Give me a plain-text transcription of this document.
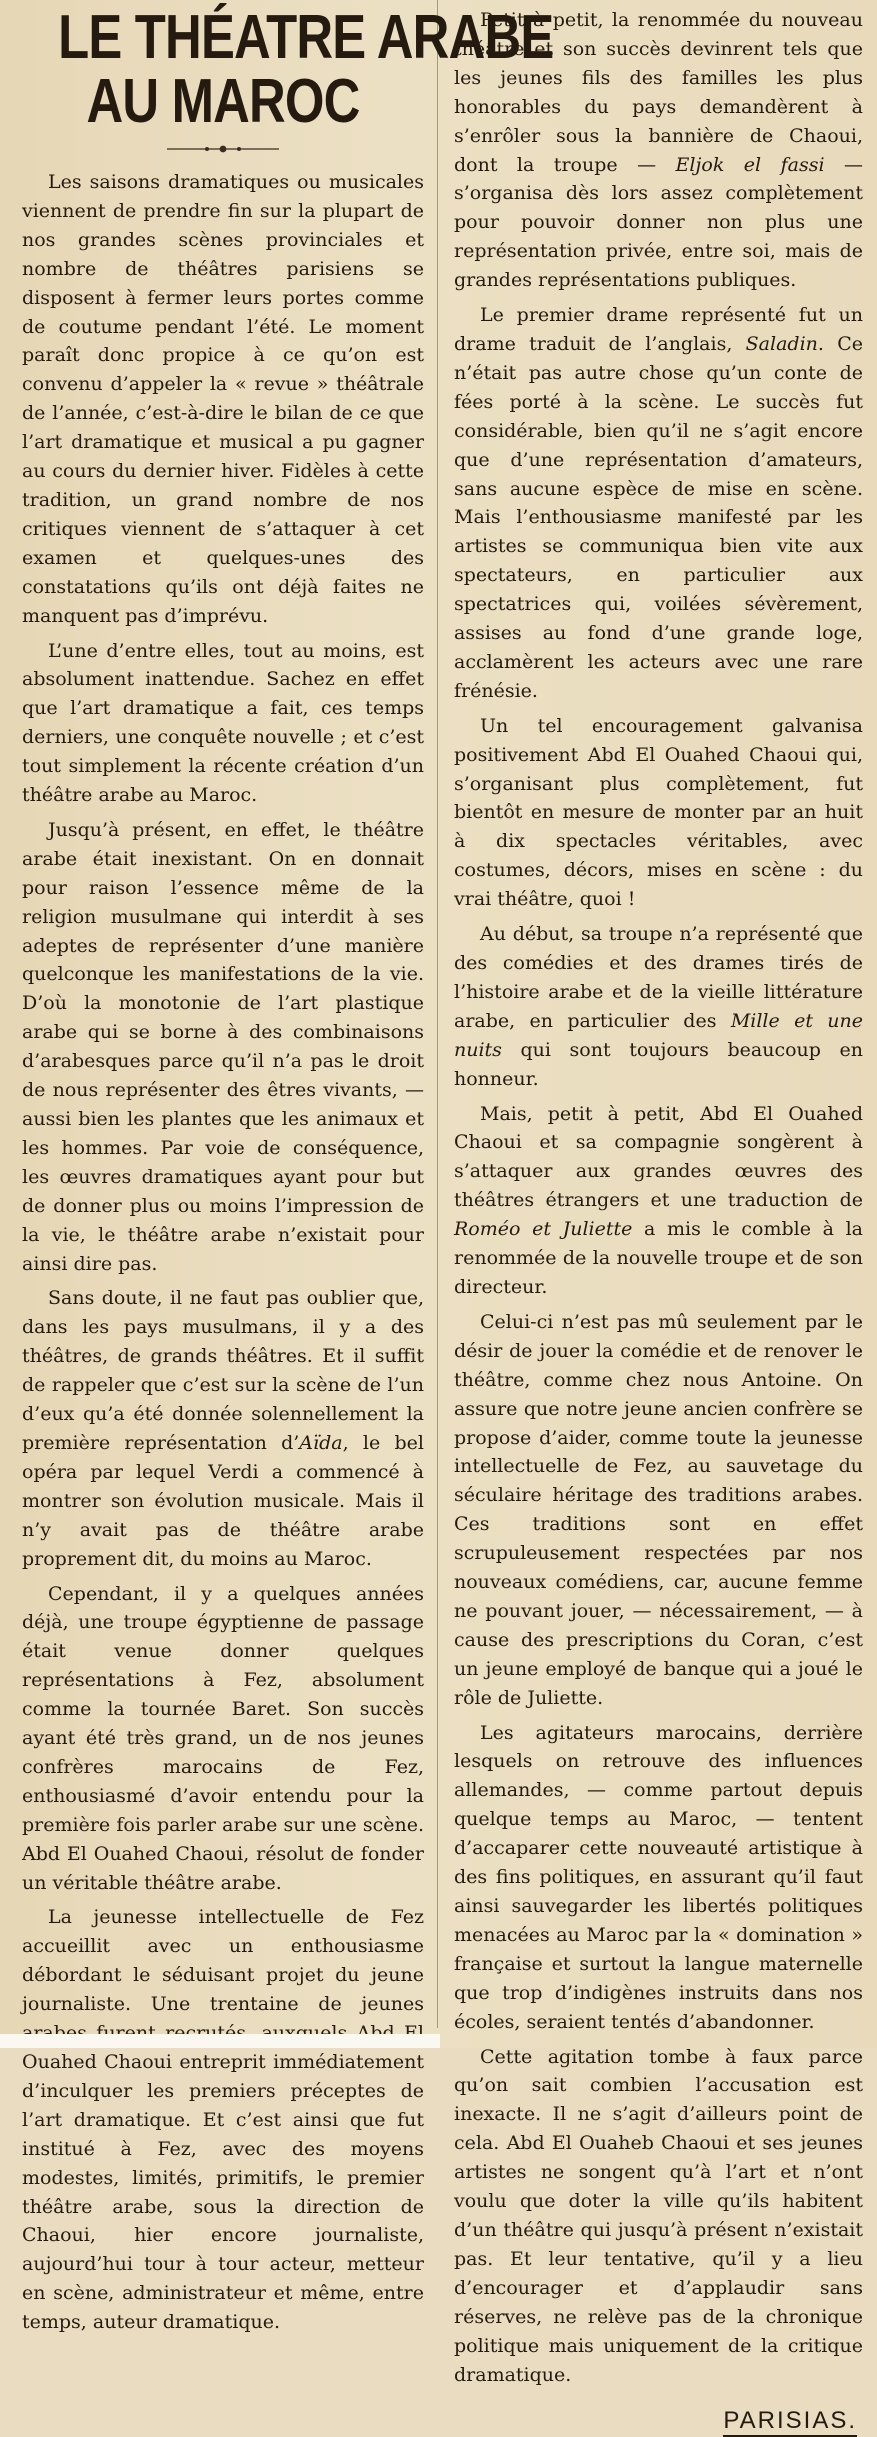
LE THÉATRE ARABE
AU MAROC

Les saisons dramatiques ou musicales viennent de prendre fin sur la plupart de nos grandes scènes provinciales et nombre de théâtres parisiens se disposent à fermer leurs portes comme de coutume pendant l’été. Le moment paraît donc propice à ce qu’on est convenu d’appeler la « revue » théâtrale de l’année, c’est-à-dire le bilan de ce que l’art dramatique et musical a pu gagner au cours du dernier hiver. Fidèles à cette tradition, un grand nombre de nos critiques viennent de s’attaquer à cet examen et quelques-unes des constatations qu’ils ont déjà faites ne manquent pas d’imprévu.

L’une d’entre elles, tout au moins, est absolument inattendue. Sachez en effet que l’art dramatique a fait, ces temps derniers, une conquête nouvelle ; et c’est tout simplement la récente création d’un théâtre arabe au Maroc.

Jusqu’à présent, en effet, le théâtre arabe était inexistant. On en donnait pour raison l’essence même de la religion musulmane qui interdit à ses adeptes de représenter d’une manière quelconque les manifestations de la vie. D’où la monotonie de l’art plastique arabe qui se borne à des combinaisons d’arabesques parce qu’il n’a pas le droit de nous représenter des êtres vivants, — aussi bien les plantes que les animaux et les hommes. Par voie de conséquence, les œuvres dramatiques ayant pour but de donner plus ou moins l’impression de la vie, le théâtre arabe n’existait pour ainsi dire pas.

Sans doute, il ne faut pas oublier que, dans les pays musulmans, il y a des théâtres, de grands théâtres. Et il suffit de rappeler que c’est sur la scène de l’un d’eux qu’a été donnée solennellement la première représentation d’Aïda, le bel opéra par lequel Verdi a commencé à montrer son évolution musicale. Mais il n’y avait pas de théâtre arabe proprement dit, du moins au Maroc.

Cependant, il y a quelques années déjà, une troupe égyptienne de passage était venue donner quelques représentations à Fez, absolument comme la tournée Baret. Son succès ayant été très grand, un de nos jeunes confrères marocains de Fez, enthousiasmé d’avoir entendu pour la première fois parler arabe sur une scène. Abd El Ouahed Chaoui, résolut de fonder un véritable théâtre arabe.

La jeunesse intellectuelle de Fez accueillit avec un enthousiasme débordant le séduisant projet du jeune journaliste. Une trentaine de jeunes Ouahed Chaoui entreprit immédiatement d’inculquer les premiers préceptes de l’art dramatique. Et c’est ainsi que fut institué à Fez, avec des moyens modestes, limités, primitifs, le premier théâtre arabe, sous la direction de Chaoui, hier encore journaliste, aujourd’hui tour à tour acteur, metteur en scène, administrateur et même, entre temps, auteur dramatique.

Petit à petit, la renommée du nouveau théâtre et son succès devinrent tels que les jeunes fils des familles les plus honorables du pays demandèrent à s’enrôler sous la bannière de Chaoui, dont la troupe — Eljok el fassi — s’organisa dès lors assez complètement pour pouvoir donner non plus une représentation privée, entre soi, mais de grandes représentations publiques.

Le premier drame représenté fut un drame traduit de l’anglais, Saladin. Ce n’était pas autre chose qu’un conte de fées porté à la scène. Le succès fut considérable, bien qu’il ne s’agit encore que d’une représentation d’amateurs, sans aucune espèce de mise en scène. Mais l’enthousiasme manifesté par les artistes se communiqua bien vite aux spectateurs, en particulier aux spectatrices qui, voilées sévèrement, assises au fond d’une grande loge, acclamèrent les acteurs avec une rare frénésie.

Un tel encouragement galvanisa positivement Abd El Ouahed Chaoui qui, s’organisant plus complètement, fut bientôt en mesure de monter par an huit à dix spectacles véritables, avec costumes, décors, mises en scène : du vrai théâtre, quoi !

Au début, sa troupe n’a représenté que des comédies et des drames tirés de l’histoire arabe et de la vieille littérature arabe, en particulier des Mille et une nuits qui sont toujours beaucoup en honneur.

Mais, petit à petit, Abd El Ouahed Chaoui et sa compagnie songèrent à s’attaquer aux grandes œuvres des théâtres étrangers et une traduction de Roméo et Juliette a mis le comble à la renommée de la nouvelle troupe et de son directeur.

Celui-ci n’est pas mû seulement par le désir de jouer la comédie et de renover le théâtre, comme chez nous Antoine. On assure que notre jeune ancien confrère se propose d’aider, comme toute la jeunesse intellectuelle de Fez, au sauvetage du séculaire héritage des traditions arabes. Ces traditions sont en effet scrupuleusement respectées par nos nouveaux comédiens, car, aucune femme ne pouvant jouer, — nécessairement, — à cause des prescriptions du Coran, c’est un jeune employé de banque qui a joué le rôle de Juliette.

Les agitateurs marocains, derrière lesquels on retrouve des influences allemandes, — comme partout depuis quelque temps au Maroc, — tentent d’accaparer cette nouveauté artistique à des fins politiques, en assurant qu’il faut ainsi sauvegarder les libertés politiques menacées au Maroc par la « domination » française et surtout la langue maternelle que trop d’indigènes instruits dans nos écoles, seraient tentés d’abandonner.

Cette agitation tombe à faux parce qu’on sait combien l’accusation est inexacte. Il ne s’agit d’ailleurs point de cela. Abd El Ouaheb Chaoui et ses jeunes artistes ne songent qu’à l’art et n’ont voulu que doter la ville qu’ils habitent d’un théâtre qui jusqu’à présent n’existait pas. Et leur tentative, qu’il y a lieu d’encourager et d’applaudir sans réserves, ne relève pas de la chronique politique mais uniquement de la critique dramatique.

PARISIAS.
